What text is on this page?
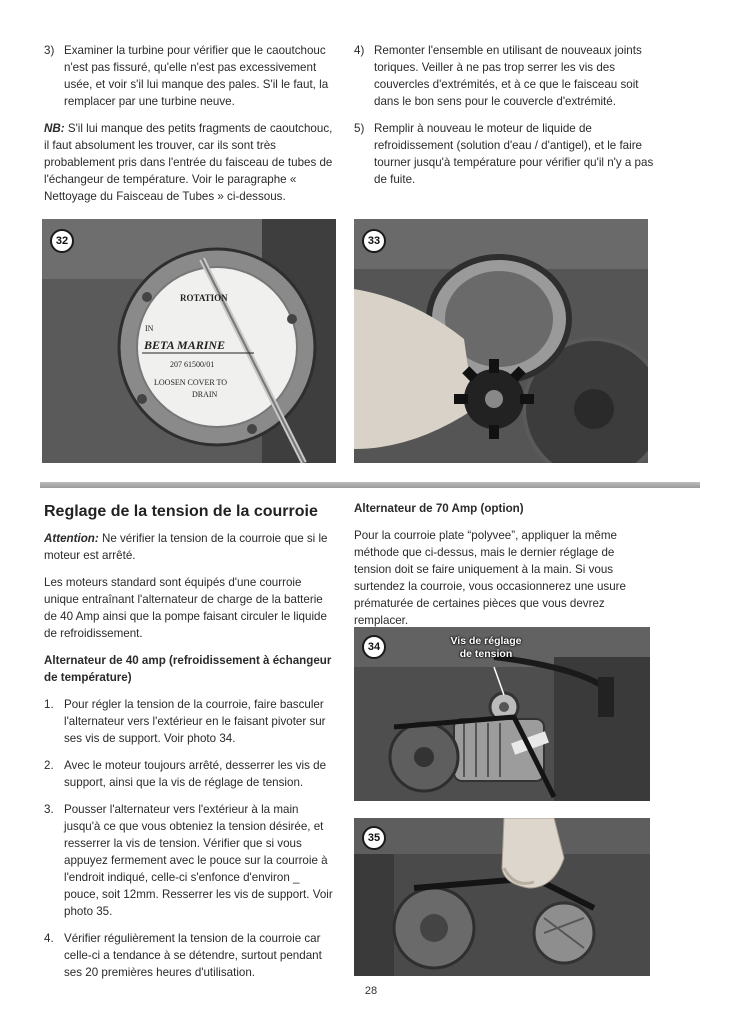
3) Examiner la turbine pour vérifier que le caoutchouc n'est pas fissuré, qu'elle n'est pas excessivement usée, et voir s'il lui manque des pales. S'il le faut, la remplacer par une turbine neuve.

NB: S'il lui manque des petits fragments de caoutchouc, il faut absolument les trouver, car ils sont très probablement pris dans l'entrée du faisceau de tubes de l'échangeur de température. Voir le paragraphe « Nettoyage du Faisceau de Tubes » ci-dessous.

4) Remonter l'ensemble en utilisant de nouveaux joints toriques. Veiller à ne pas trop serrer les vis des couvercles d'extrémités, et à ce que le faisceau soit dans le bon sens pour le couvercle d'extrémité.
5) Remplir à nouveau le moteur de liquide de refroidissement (solution d'eau / d'antigel), et le faire tourner jusqu'à température pour vérifier qu'il n'y a pas de fuite.
ROTATION
IN
BETA MARINE
207 61500/01
LOOSEN COVER TO
DRAIN
32	33
Reglage de la tension de la courroie

Attention: Ne vérifier la tension de la courroie que si le moteur est arrêté.

Les moteurs standard sont équipés d'une courroie unique entraînant l'alternateur de charge de la batterie de 40 Amp ainsi que la pompe faisant circuler le liquide de refroidissement.

Alternateur de 40 amp (refroidissement à échangeur de température)

1. Pour régler la tension de la courroie, faire basculer l'alternateur vers l'extérieur en le faisant pivoter sur ses vis de support. Voir photo 34.
2. Avec le moteur toujours arrêté, desserrer les vis de support, ainsi que la vis de réglage de tension.
3. Pousser l'alternateur vers l'extérieur à la main jusqu'à ce que vous obteniez la tension désirée, et resserrer la vis de tension. Vérifier que si vous appuyez fermement avec le pouce sur la courroie à l'endroit indiqué, celle-ci s'enfonce d'environ _ pouce, soit 12mm. Resserrer les vis de support. Voir photo 35.
4. Vérifier régulièrement la tension de la courroie car celle-ci a tendance à se détendre, surtout pendant ses 20 premières heures d'utilisation.

Alternateur de 70 Amp (option)

Pour la courroie plate “polyvee”, appliquer la même méthode que ci-dessus, mais le dernier réglage de tension doit se faire uniquement à la main. Si vous surtendez la courroie, vous occasionnerez une usure prématurée de certaines pièces que vous devrez remplacer.

34	Vis de réglage
de tension
35
28
